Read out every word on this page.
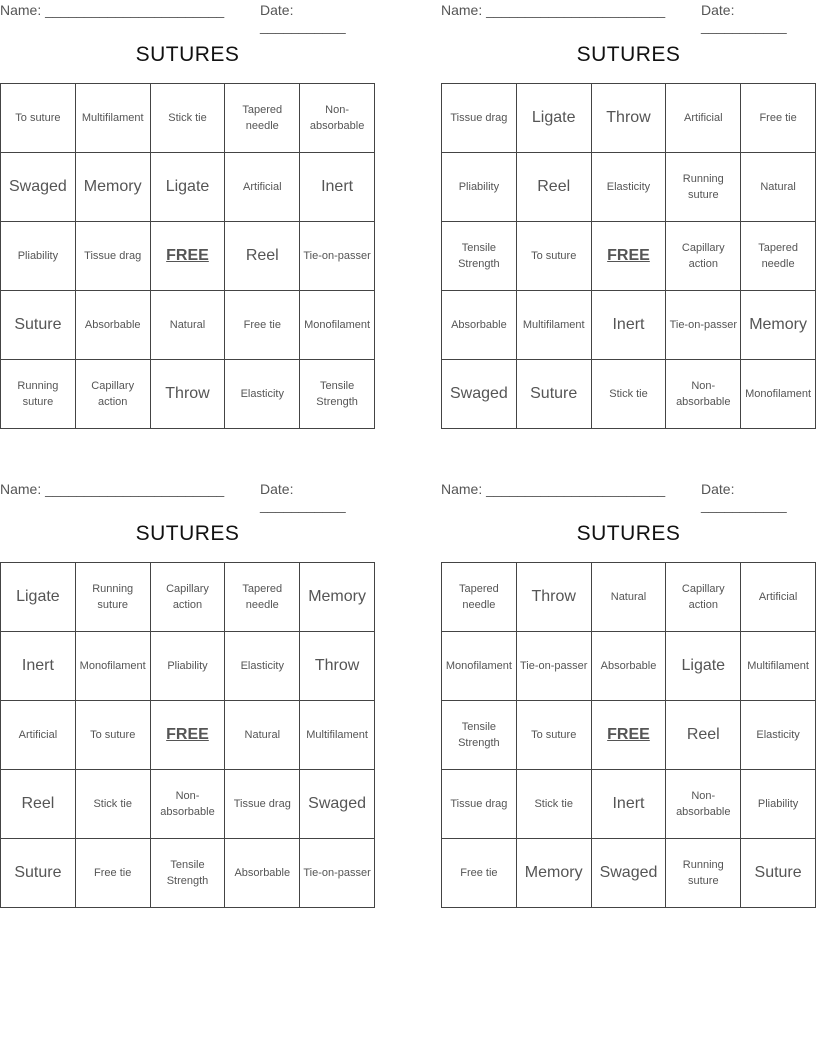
Name: _______________________	Date: ___________
SUTURES
To suture	Multifilament	Stick tie	Tapered needle	Non-absorbable
Swaged	Memory	Ligate	Artificial	Inert
Pliability	Tissue drag	FREE	Reel	Tie-on-passer
Suture	Absorbable	Natural	Free tie	Monofilament
Running suture	Capillary action	Throw	Elasticity	Tensile Strength
Name: _______________________	Date: ___________
SUTURES
Tissue drag	Ligate	Throw	Artificial	Free tie
Pliability	Reel	Elasticity	Running suture	Natural
Tensile Strength	To suture	FREE	Capillary action	Tapered needle
Absorbable	Multifilament	Inert	Tie-on-passer	Memory
Swaged	Suture	Stick tie	Non-absorbable	Monofilament
Name: _______________________	Date: ___________
SUTURES
Ligate	Running suture	Capillary action	Tapered needle	Memory
Inert	Monofilament	Pliability	Elasticity	Throw
Artificial	To suture	FREE	Natural	Multifilament
Reel	Stick tie	Non-absorbable	Tissue drag	Swaged
Suture	Free tie	Tensile Strength	Absorbable	Tie-on-passer
Name: _______________________	Date: ___________
SUTURES
Tapered needle	Throw	Natural	Capillary action	Artificial
Monofilament	Tie-on-passer	Absorbable	Ligate	Multifilament
Tensile Strength	To suture	FREE	Reel	Elasticity
Tissue drag	Stick tie	Inert	Non-absorbable	Pliability
Free tie	Memory	Swaged	Running suture	Suture
